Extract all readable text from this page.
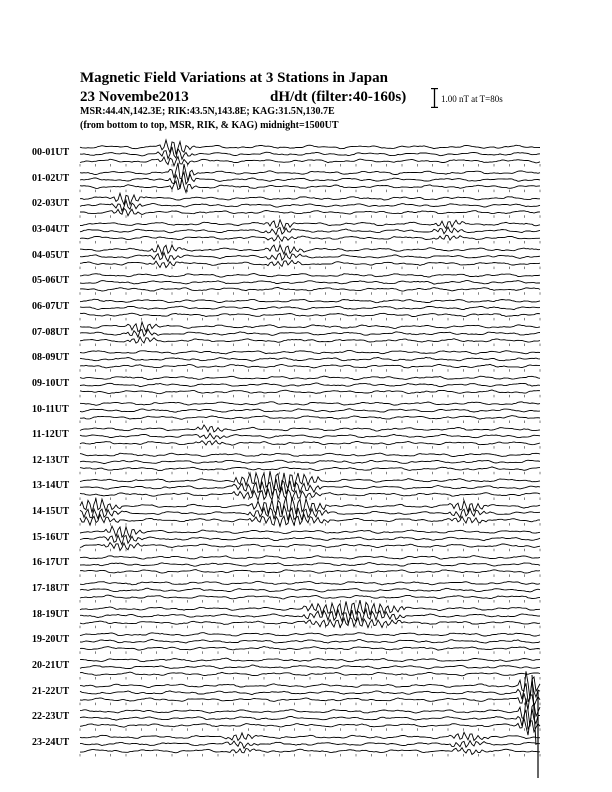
Magnetic Field Variations at 3 Stations in Japan
23 Novembe2013	dH/dt (filter:40-160s)
MSR:44.4N,142.3E; RIK:43.5N,143.8E; KAG:31.5N,130.7E
(from bottom to top, MSR, RIK, & KAG) midnight=1500UT
1.00 nT at T=80s
00-01UT
01-02UT
02-03UT
03-04UT
04-05UT
05-06UT
06-07UT
07-08UT
08-09UT
09-10UT
10-11UT
11-12UT
12-13UT
13-14UT
14-15UT
15-16UT
16-17UT
17-18UT
18-19UT
19-20UT
20-21UT
21-22UT
22-23UT
23-24UT
